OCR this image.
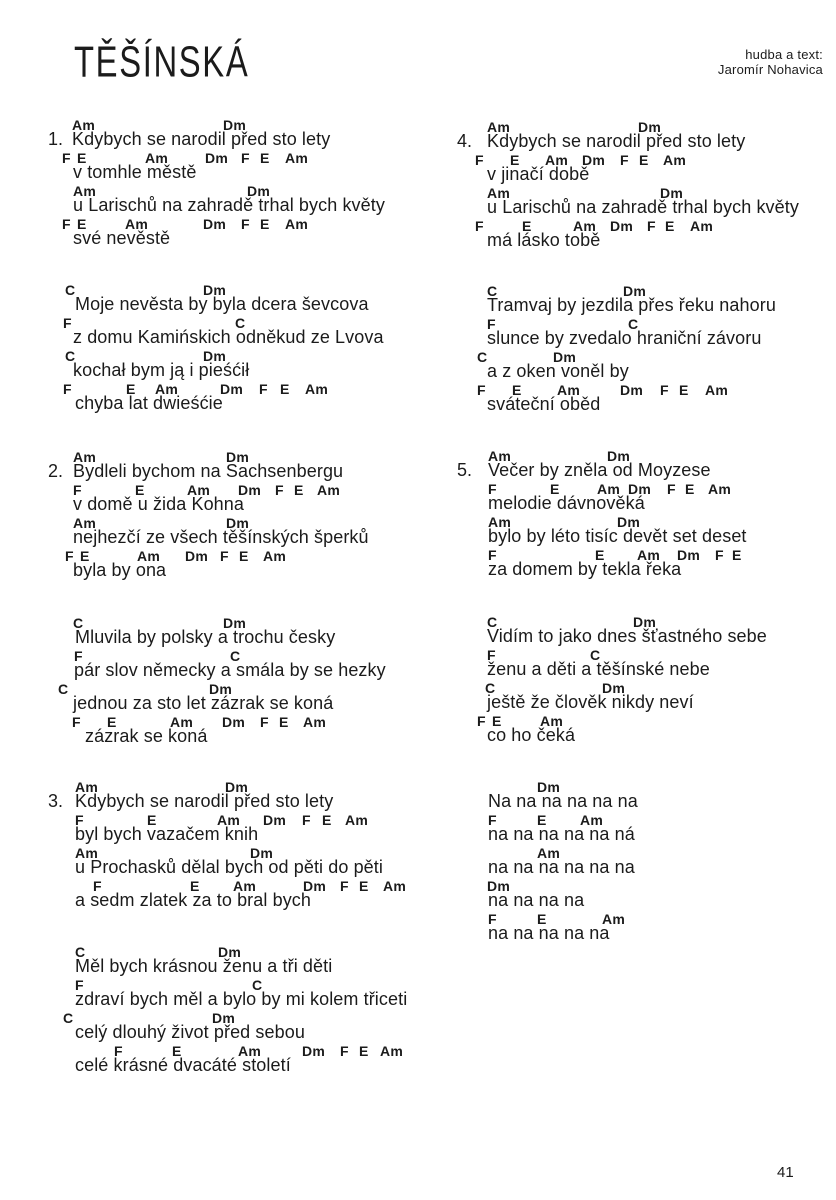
TĚŠÍNSKÁ	hudba a text:
Jaromír Nohavica
Am	Dm
1. Kdybych se narodil před sto lety
F E	Am	Dm F E Am
v tomhle městě
Am	Dm
u Larischů na zahradě trhal bych květy
F E	Am	Dm F E Am
své nevěstě
C	Dm
Moje nevěsta by byla dcera ševcova
F	C
z domu Kamińskich odněkud ze Lvova
C	Dm
kochał bym ją i pieśćił
F	E Am	Dm F E Am
chyba lat dwieśćie
Am	Dm
2. Bydleli bychom na Sachsenbergu
F	E	Am Dm F E Am
v domě u žida Kohna
Am	Dm
nejhezčí ze všech těšínských šperků
F E	Am Dm F E Am
byla by ona
C	Dm
Mluvila by polsky a trochu česky
F	C
pár slov německy a smála by se hezky
C	Dm
jednou za sto let zázrak se koná
F E	Am Dm F E Am
zázrak se koná
Am	Dm
3. Kdybych se narodil před sto lety
F	E	Am Dm F E Am
byl bych vazačem knih
Am	Dm
u Prochasků dělal bych od pěti do pěti
F	E Am	Dm F E Am
a sedm zlatek za to bral bych
C	Dm
Měl bych krásnou ženu a tři děti
F	C
zdraví bych měl a bylo by mi kolem třiceti
C	Dm
celý dlouhý život před sebou
F	E	Am	Dm F E Am
celé krásné dvacáté století
Am	Dm
4. Kdybych se narodil před sto lety
F E Am Dm F E Am
v jinačí době
Am	Dm
u Larischů na zahradě trhal bych květy
F	E	Am Dm F E Am
má lásko tobě
C	Dm
Tramvaj by jezdila přes řeku nahoru
F	C
slunce by zvedalo hraniční závoru
C	Dm
a z oken voněl by
F E	Am	Dm F E Am
sváteční oběd
Am	Dm
5. Večer by zněla od Moyzese
F	E	Am Dm F E Am
melodie dávnověká
Am	Dm
bylo by léto tisíc devět set deset
F	E Am Dm F E
za domem by tekla řeka
C	Dm
Vidím to jako dnes šťastného sebe
F	C
ženu a děti a těšínské nebe
C	Dm
ještě že člověk nikdy neví
F E	Am
co ho čeká
Dm
Na na na na na na
F	E Am
na na na na na ná
Am
na na na na na na
Dm
na na na na
F	E	Am
na na na na na
41
